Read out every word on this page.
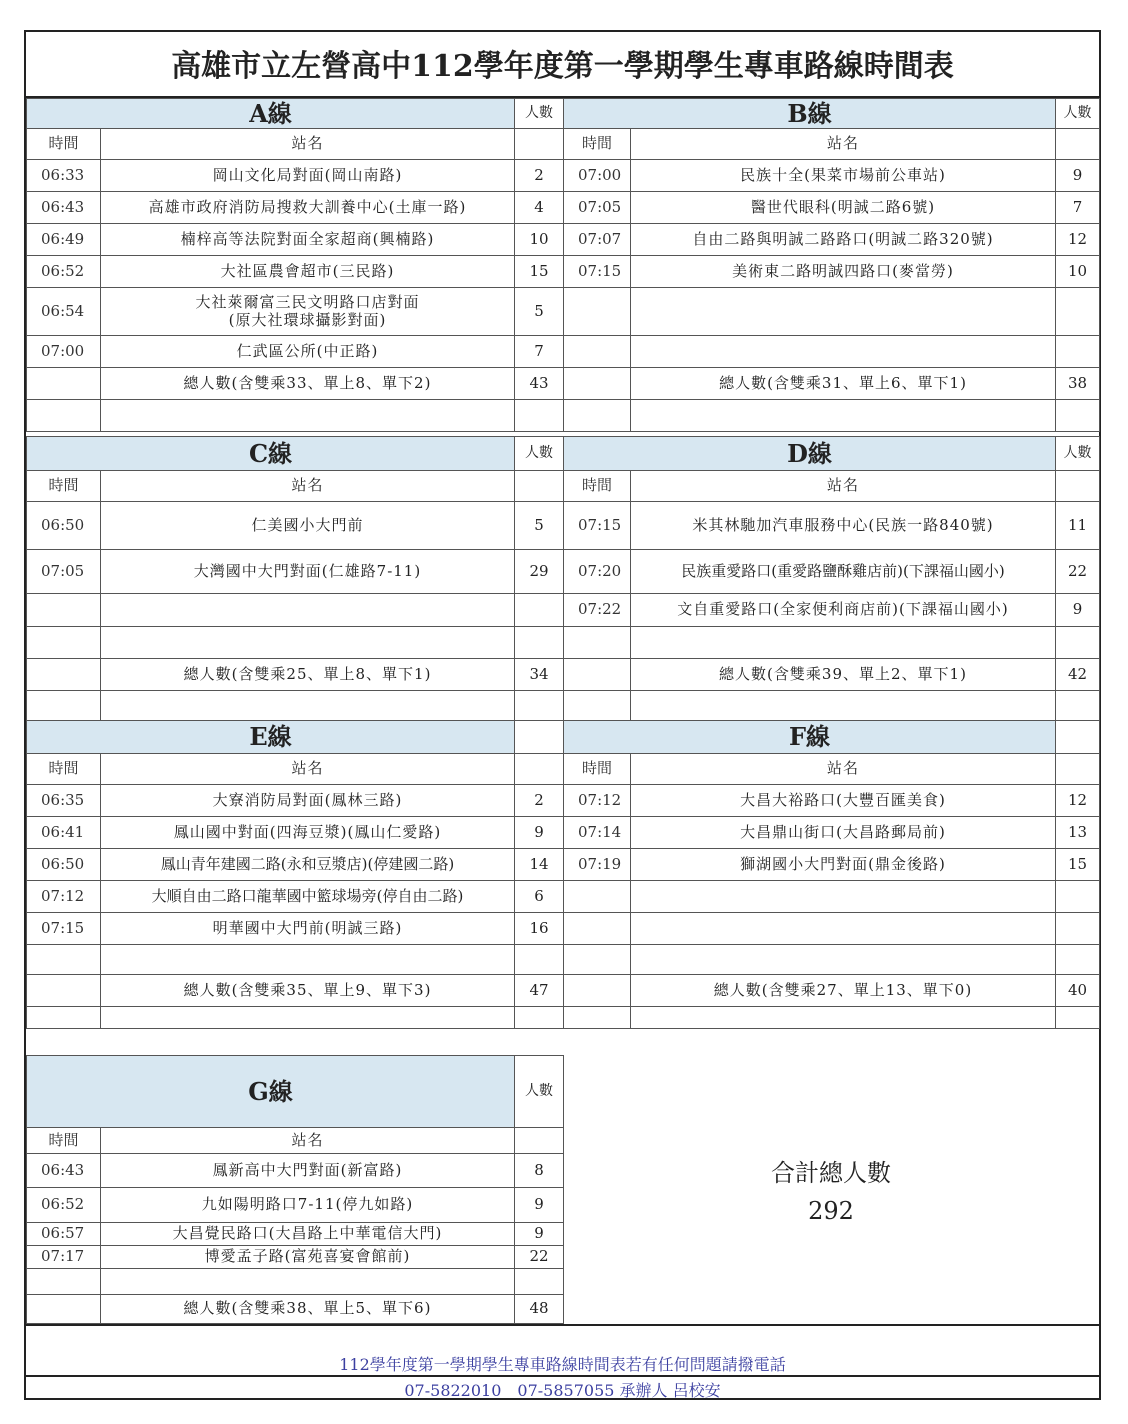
高雄市立左營高中112學年度第一學期學生專車路線時間表
A線		人數
時間	站名	
06:33	岡山文化局對面(岡山南路)	2
06:43	高雄市政府消防局搜救大訓養中心(土庫一路)	4
06:49	楠梓高等法院對面全家超商(興楠路)	10
06:52	大社區農會超市(三民路)	15
06:54	大社萊爾富三民文明路口店對面
(原大社環球攝影對面)	5
07:00	仁武區公所(中正路)	7
	總人數(含雙乘33、單上8、單下2)	43

B線		人數
時間	站名	
07:00	民族十全(果菜市場前公車站)	9
07:05	醫世代眼科(明誠二路6號)	7
07:07	自由二路與明誠二路路口(明誠二路320號)	12
07:15	美術東二路明誠四路口(麥當勞)	10

	總人數(含雙乘31、單上6、單下1)	38

C線		人數
時間	站名	
06:50	仁美國小大門前	5
07:05	大灣國中大門對面(仁雄路7-11)	29

	總人數(含雙乘25、單上8、單下1)	34

D線		人數
時間	站名	
07:15	米其林馳加汽車服務中心(民族一路840號)	11
07:20	民族重愛路口(重愛路鹽酥雞店前)(下課福山國小)	22
07:22	文自重愛路口(全家便利商店前)(下課福山國小)	9

	總人數(含雙乘39、單上2、單下1)	42

E線		
時間	站名	
06:35	大寮消防局對面(鳳林三路)	2
06:41	鳳山國中對面(四海豆漿)(鳳山仁愛路)	9
06:50	鳳山青年建國二路(永和豆漿店)(停建國二路)	14
07:12	大順自由二路口龍華國中籃球場旁(停自由二路)	6
07:15	明華國中大門前(明誠三路)	16

	總人數(含雙乘35、單上9、單下3)	47

F線		
時間	站名	
07:12	大昌大裕路口(大豐百匯美食)	12
07:14	大昌鼎山街口(大昌路郵局前)	13
07:19	獅湖國小大門對面(鼎金後路)	15

	總人數(含雙乘27、單上13、單下0)	40

G線		人數
時間	站名	
06:43	鳳新高中大門對面(新富路)	8
06:52	九如陽明路口7-11(停九如路)	9
06:57	大昌覺民路口(大昌路上中華電信大門)	9
07:17	博愛孟子路(富苑喜宴會館前)	22

	總人數(含雙乘38、單上5、單下6)	48
合計總人數
292
112學年度第一學期學生專車路線時間表若有任何問題請撥電話
07-5822010　07-5857055 承辦人 呂校安
